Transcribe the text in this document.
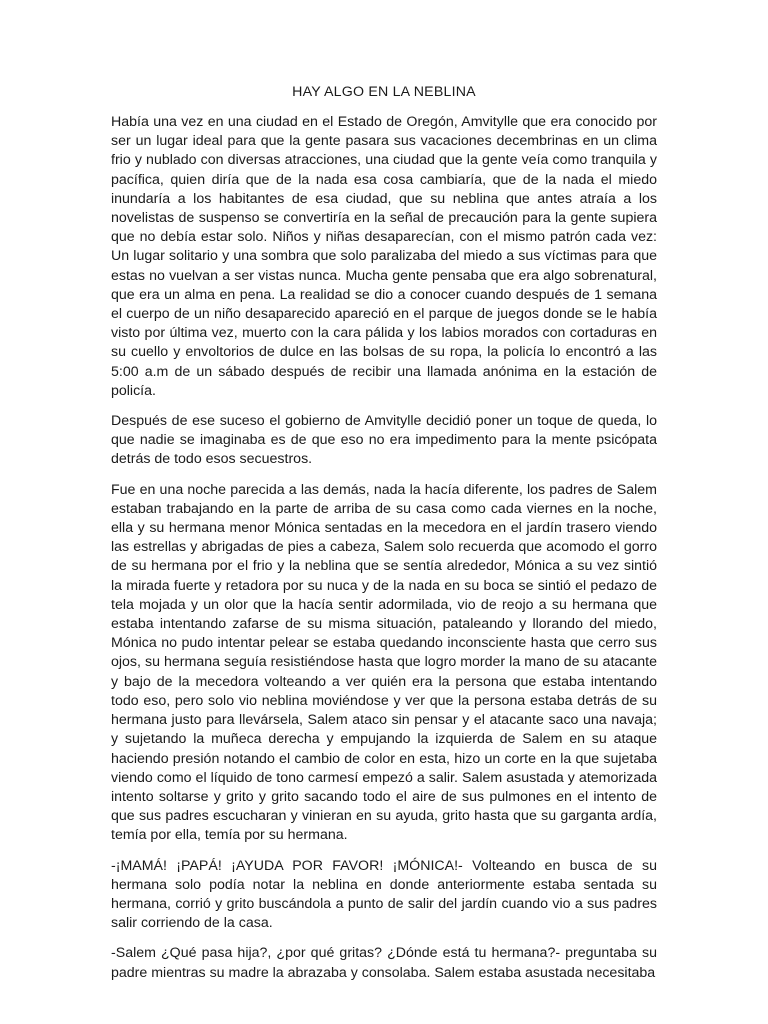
HAY ALGO EN LA NEBLINA

Había una vez en una ciudad en el Estado de Oregón, Amvitylle que era conocido por ser un lugar ideal para que la gente pasara sus vacaciones decembrinas en un clima frio y nublado con diversas atracciones, una ciudad que la gente veía como tranquila y pacífica, quien diría que de la nada esa cosa cambiaría, que de la nada el miedo inundaría a los habitantes de esa ciudad, que su neblina que antes atraía a los novelistas de suspenso se convertiría en la señal de precaución para la gente supiera que no debía estar solo. Niños y niñas desaparecían, con el mismo patrón cada vez: Un lugar solitario y una sombra que solo paralizaba del miedo a sus víctimas para que estas no vuelvan a ser vistas nunca. Mucha gente pensaba que era algo sobrenatural, que era un alma en pena. La realidad se dio a conocer cuando después de 1 semana el cuerpo de un niño desaparecido apareció en el parque de juegos donde se le había visto por última vez, muerto con la cara pálida y los labios morados con cortaduras en su cuello y envoltorios de dulce en las bolsas de su ropa, la policía lo encontró a las 5:00 a.m de un sábado después de recibir una llamada anónima en la estación de policía.

Después de ese suceso el gobierno de Amvitylle decidió poner un toque de queda, lo que nadie se imaginaba es de que eso no era impedimento para la mente psicópata detrás de todo esos secuestros.

Fue en una noche parecida a las demás, nada la hacía diferente, los padres de Salem estaban trabajando en la parte de arriba de su casa como cada viernes en la noche, ella y su hermana menor Mónica sentadas en la mecedora en el jardín trasero viendo las estrellas y abrigadas de pies a cabeza, Salem solo recuerda que acomodo el gorro de su hermana por el frio y la neblina que se sentía alrededor, Mónica a su vez sintió la mirada fuerte y retadora por su nuca y de la nada en su boca se sintió el pedazo de tela mojada y un olor que la hacía sentir adormilada, vio de reojo a su hermana que estaba intentando zafarse de su misma situación, pataleando y llorando del miedo, Mónica no pudo intentar pelear se estaba quedando inconsciente hasta que cerro sus ojos, su hermana seguía resistiéndose hasta que logro morder la mano de su atacante y bajo de la mecedora volteando a ver quién era la persona que estaba intentando todo eso, pero solo vio neblina moviéndose y ver que la persona estaba detrás de su hermana justo para llevársela, Salem ataco sin pensar y el atacante saco una navaja; y sujetando la muñeca derecha y empujando la izquierda de Salem en su ataque haciendo presión notando el cambio de color en esta, hizo un corte en la que sujetaba viendo como el líquido de tono carmesí empezó a salir. Salem asustada y atemorizada intento soltarse y grito y grito sacando todo el aire de sus pulmones en el intento de que sus padres escucharan y vinieran en su ayuda, grito hasta que su garganta ardía, temía por ella, temía por su hermana.

-¡MAMÁ! ¡PAPÁ! ¡AYUDA POR FAVOR! ¡MÓNICA!- Volteando en busca de su hermana solo podía notar la neblina en donde anteriormente estaba sentada su hermana, corrió y grito buscándola a punto de salir del jardín cuando vio a sus padres salir corriendo de la casa.

-Salem ¿Qué pasa hija?, ¿por qué gritas? ¿Dónde está tu hermana?- preguntaba su padre mientras su madre la abrazaba y consolaba. Salem estaba asustada necesitaba
